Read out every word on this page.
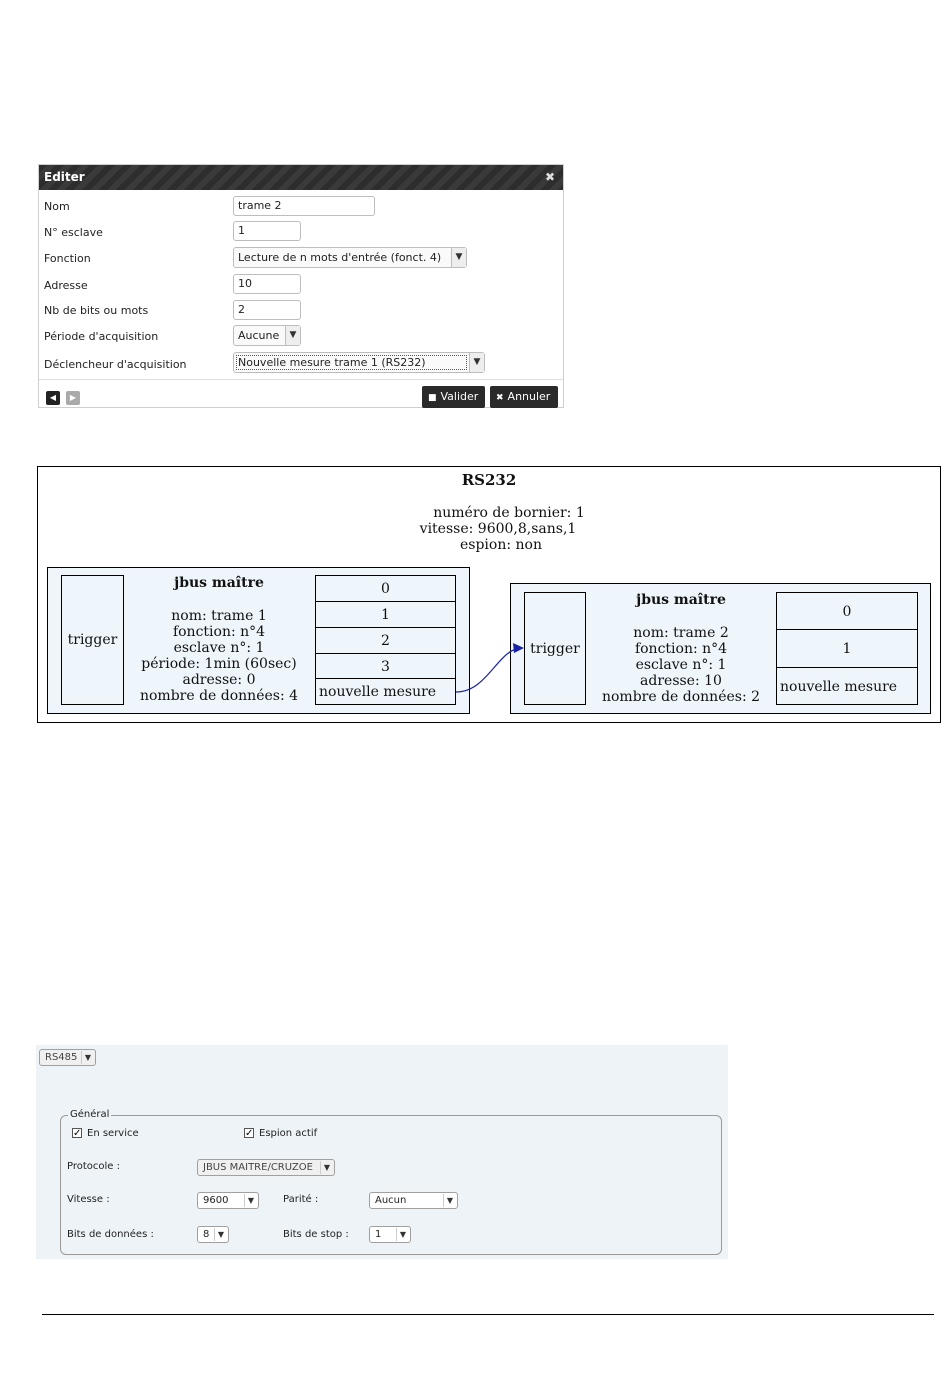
Editer	✖
Nom	trame 2
N° esclave	1
Fonction	Lecture de n mots d'entrée (fonct. 4)	▼
Adresse	10
Nb de bits ou mots	2
Période d'acquisition	Aucune	▼
Déclencheur d'acquisition	Nouvelle mesure trame 1 (RS232)	▼
◀	▶	■ Valider	✖ Annuler
RS232
numéro de bornier: 1
vitesse: 9600,8,sans,1
espion: non
trigger
jbus maître
nom: trame 1
fonction: n°4
esclave n°: 1
période: 1min (60sec)
adresse: 0
nombre de données: 4
0
1
2
3
nouvelle mesure
trigger
jbus maître
nom: trame 2
fonction: n°4
esclave n°: 1
adresse: 10
nombre de données: 2
0
1
nouvelle mesure
RS485 ▼
Général
✓ En service	✓ Espion actif
Protocole :	JBUS MAITRE/CRUZOE	▼
Vitesse :	9600	▼	Parité :	Aucun	▼
Bits de données :	8	▼	Bits de stop :	1	▼
